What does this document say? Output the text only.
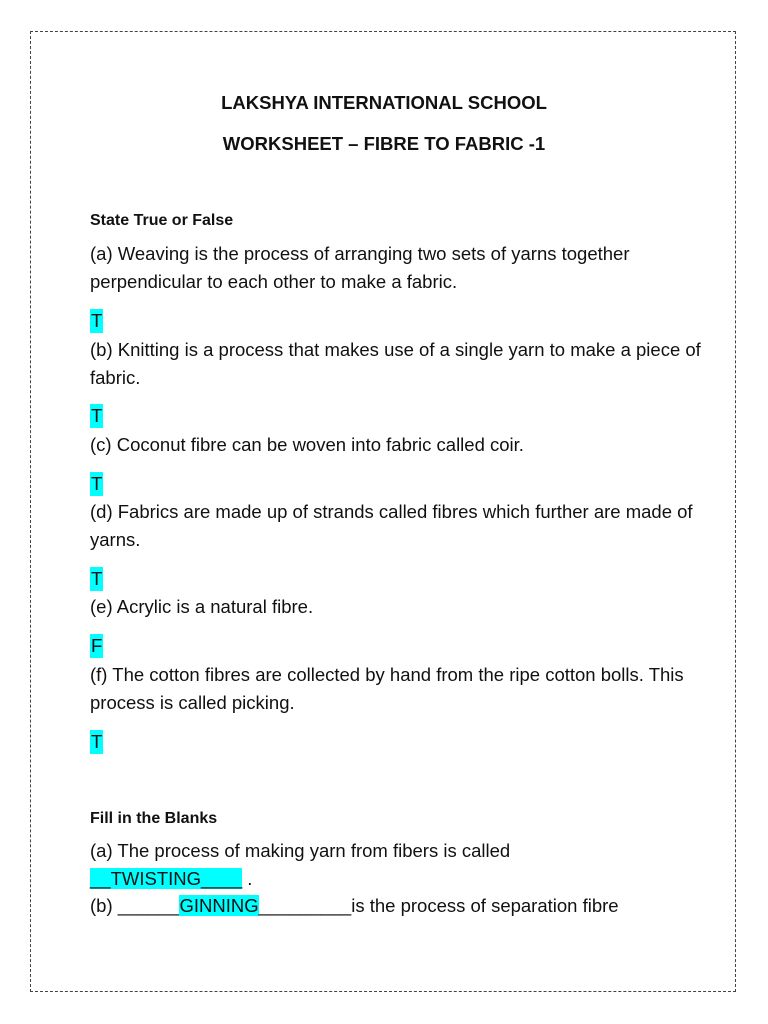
LAKSHYA INTERNATIONAL SCHOOL
WORKSHEET – FIBRE TO FABRIC -1
State True or False
(a) Weaving is the process of arranging two sets of yarns together perpendicular to each other to make a fabric.
T
(b) Knitting is a process that makes use of a single yarn to make a piece of fabric.
T
(c) Coconut fibre can be woven into fabric called coir.
T
(d) Fabrics are made up of strands called fibres which further are made of yarns.
T
(e) Acrylic is a natural fibre.
F
(f) The cotton fibres are collected by hand from the ripe cotton bolls. This process is called picking.
T
Fill in the Blanks
(a) The process of making yarn from fibers is called
__TWISTING____ .
(b) ______GINNING_________is the process of separation fibre
